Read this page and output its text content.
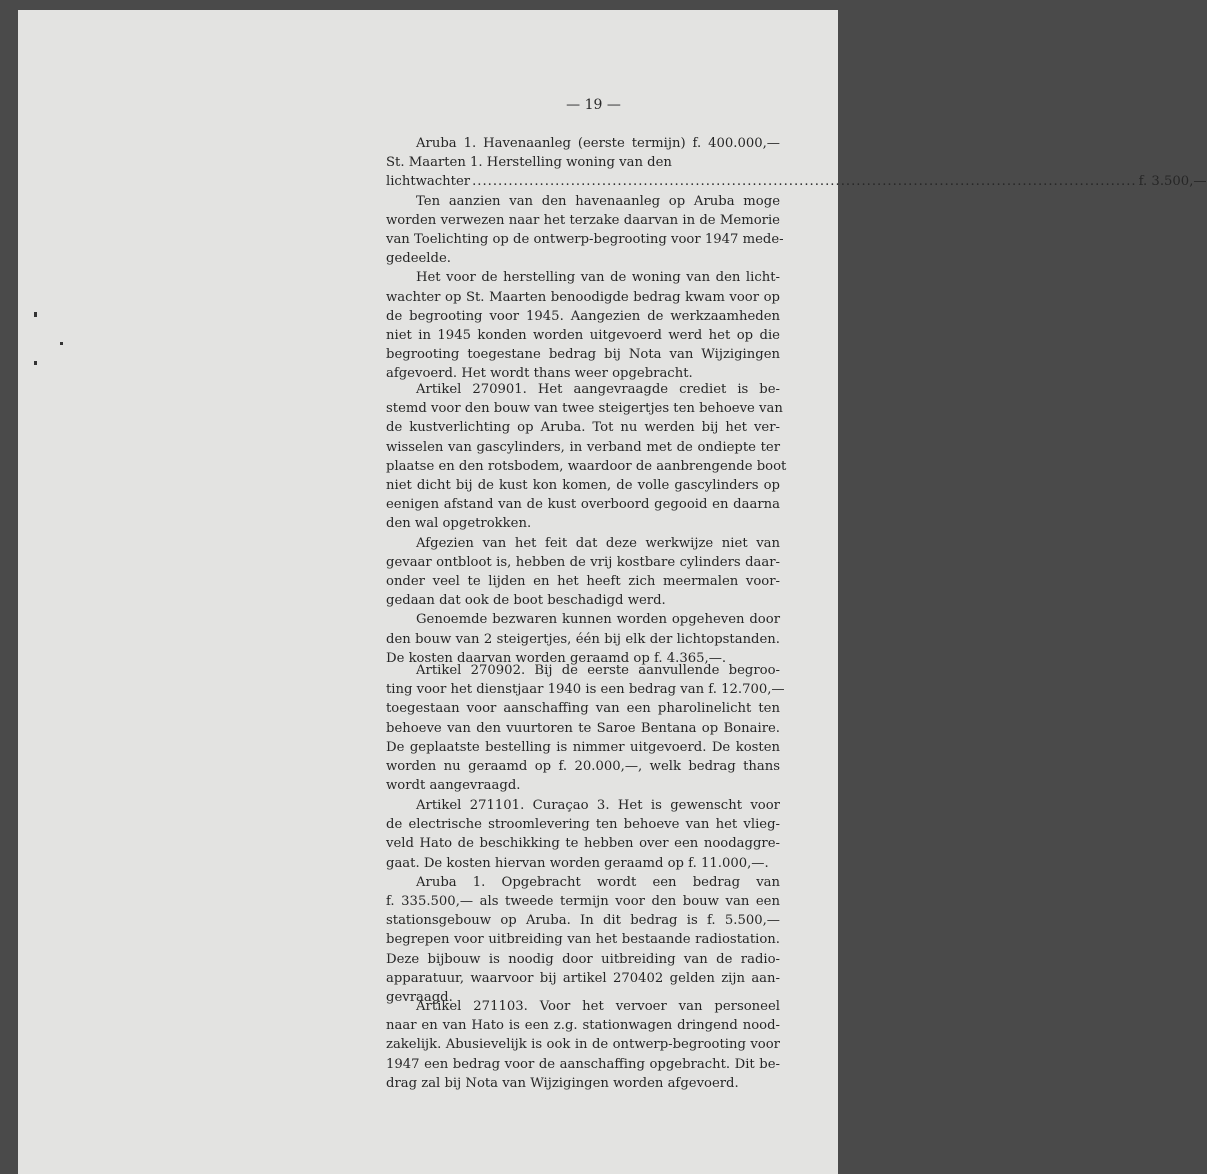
— 19 —
Aruba 1. Havenaanleg (eerste termijn) f. 400.000,—
St. Maarten 1. Herstelling woning van den
lichtwachter ................................................................................................................................ f. 3.500,—
Ten aanzien van den havenaanleg op Aruba moge
worden verwezen naar het terzake daarvan in de Memorie
van Toelichting op de ontwerp-begrooting voor 1947 mede-
gedeelde.
Het voor de herstelling van de woning van den licht-
wachter op St. Maarten benoodigde bedrag kwam voor op
de begrooting voor 1945. Aangezien de werkzaamheden
niet in 1945 konden worden uitgevoerd werd het op die
begrooting toegestane bedrag bij Nota van Wijzigingen
afgevoerd. Het wordt thans weer opgebracht.
Artikel 270901. Het aangevraagde crediet is be-
stemd voor den bouw van twee steigertjes ten behoeve van
de kustverlichting op Aruba. Tot nu werden bij het ver-
wisselen van gascylinders, in verband met de ondiepte ter
plaatse en den rotsbodem, waardoor de aanbrengende boot
niet dicht bij de kust kon komen, de volle gascylinders op
eenigen afstand van de kust overboord gegooid en daarna
den wal opgetrokken.
Afgezien van het feit dat deze werkwijze niet van
gevaar ontbloot is, hebben de vrij kostbare cylinders daar-
onder veel te lijden en het heeft zich meermalen voor-
gedaan dat ook de boot beschadigd werd.
Genoemde bezwaren kunnen worden opgeheven door
den bouw van 2 steigertjes, één bij elk der lichtopstanden.
De kosten daarvan worden geraamd op f. 4.365,—.
Artikel 270902. Bij de eerste aanvullende begroo-
ting voor het dienstjaar 1940 is een bedrag van f. 12.700,—
toegestaan voor aanschaffing van een pharolinelicht ten
behoeve van den vuurtoren te Saroe Bentana op Bonaire.
De geplaatste bestelling is nimmer uitgevoerd. De kosten
worden nu geraamd op f. 20.000,—, welk bedrag thans
wordt aangevraagd.
Artikel 271101. Curaçao 3. Het is gewenscht voor
de electrische stroomlevering ten behoeve van het vlieg-
veld Hato de beschikking te hebben over een noodaggre-
gaat. De kosten hiervan worden geraamd op f. 11.000,—.
Aruba 1. Opgebracht wordt een bedrag van
f. 335.500,— als tweede termijn voor den bouw van een
stationsgebouw op Aruba. In dit bedrag is f. 5.500,—
begrepen voor uitbreiding van het bestaande radiostation.
Deze bijbouw is noodig door uitbreiding van de radio-
apparatuur, waarvoor bij artikel 270402 gelden zijn aan-
gevraagd.
Artikel 271103. Voor het vervoer van personeel
naar en van Hato is een z.g. stationwagen dringend nood-
zakelijk. Abusievelijk is ook in de ontwerp-begrooting voor
1947 een bedrag voor de aanschaffing opgebracht. Dit be-
drag zal bij Nota van Wijzigingen worden afgevoerd.
